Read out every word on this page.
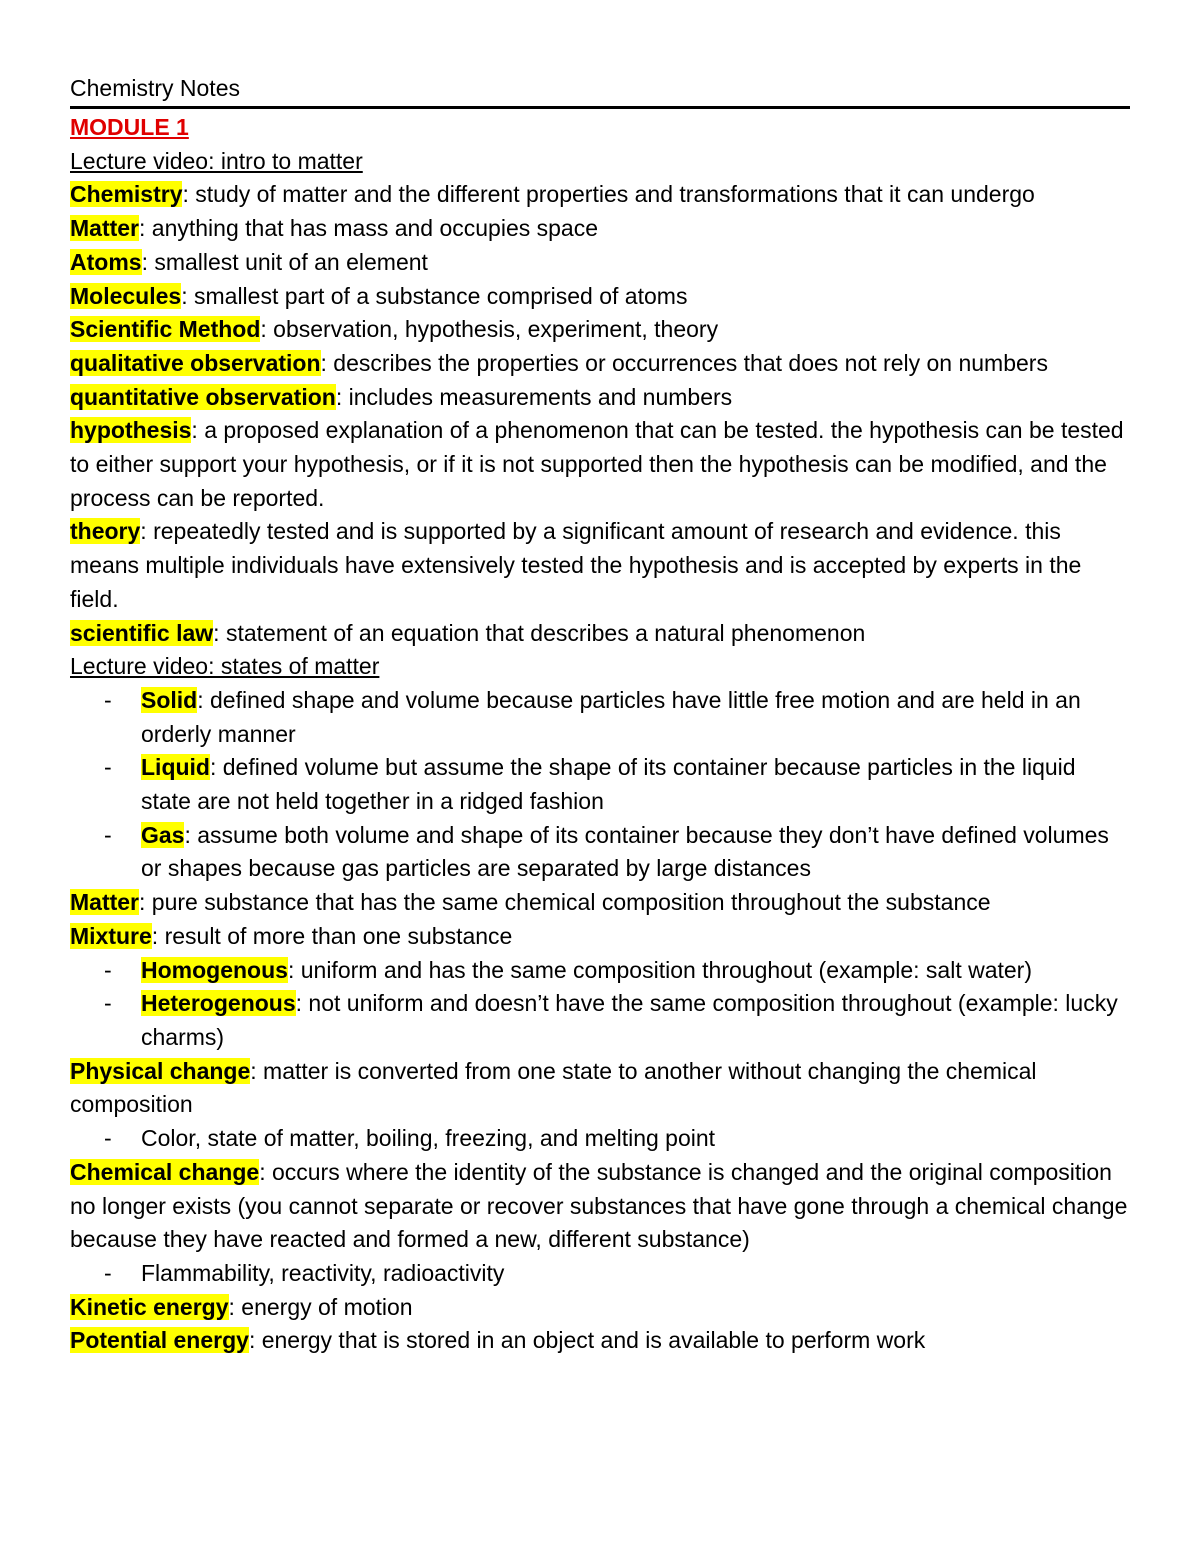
Chemistry Notes

MODULE 1

Lecture video: intro to matter

Chemistry: study of matter and the different properties and transformations that it can undergo

Matter: anything that has mass and occupies space

Atoms: smallest unit of an element

Molecules: smallest part of a substance comprised of atoms

Scientific Method: observation, hypothesis, experiment, theory

qualitative observation: describes the properties or occurrences that does not rely on numbers

quantitative observation: includes measurements and numbers

hypothesis: a proposed explanation of a phenomenon that can be tested. the hypothesis can be tested to either support your hypothesis, or if it is not supported then the hypothesis can be modified, and the process can be reported.

theory: repeatedly tested and is supported by a significant amount of research and evidence. this means multiple individuals have extensively tested the hypothesis and is accepted by experts in the field.

scientific law: statement of an equation that describes a natural phenomenon

Lecture video: states of matter

- Solid: defined shape and volume because particles have little free motion and are held in an orderly manner

- Liquid: defined volume but assume the shape of its container because particles in the liquid state are not held together in a ridged fashion

- Gas: assume both volume and shape of its container because they don’t have defined volumes or shapes because gas particles are separated by large distances

Matter: pure substance that has the same chemical composition throughout the substance

Mixture: result of more than one substance

- Homogenous: uniform and has the same composition throughout (example: salt water)

- Heterogenous: not uniform and doesn’t have the same composition throughout (example: lucky charms)

Physical change: matter is converted from one state to another without changing the chemical composition

- Color, state of matter, boiling, freezing, and melting point

Chemical change: occurs where the identity of the substance is changed and the original composition no longer exists (you cannot separate or recover substances that have gone through a chemical change because they have reacted and formed a new, different substance)

- Flammability, reactivity, radioactivity

Kinetic energy: energy of motion

Potential energy: energy that is stored in an object and is available to perform work
